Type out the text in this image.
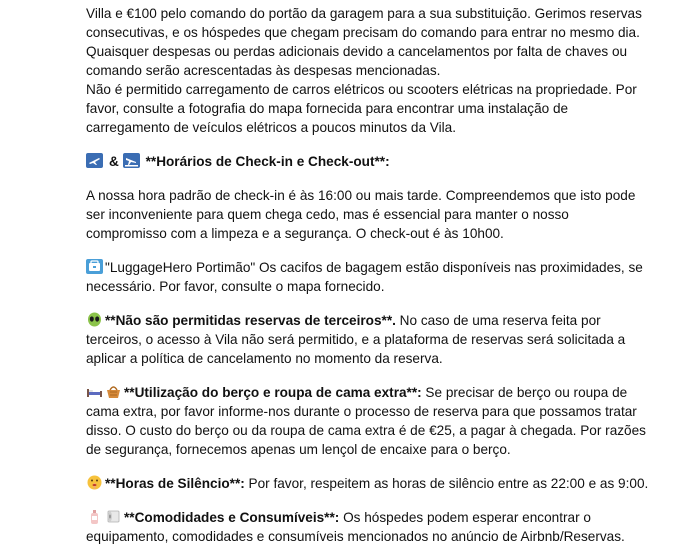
Villa e €100 pelo comando do portão da garagem para a sua substituição. Gerimos reservas
consecutivas, e os hóspedes que chegam precisam do comando para entrar no mesmo dia.
Quaisquer despesas ou perdas adicionais devido a cancelamentos por falta de chaves ou
comando serão acrescentadas às despesas mencionadas.
Não é permitido carregamento de carros elétricos ou scooters elétricas na propriedade. Por
favor, consulte a fotografia do mapa fornecida para encontrar uma instalação de
carregamento de veículos elétricos a poucos minutos da Vila.
& **Horários de Check-in e Check-out**:
A nossa hora padrão de check-in é às 16:00 ou mais tarde. Compreendemos que isto pode
ser inconveniente para quem chega cedo, mas é essencial para manter o nosso
compromisso com a limpeza e a segurança. O check-out é às 10h00.
"LuggageHero Portimão" Os cacifos de bagagem estão disponíveis nas proximidades, se
necessário. Por favor, consulte o mapa fornecido.
**Não são permitidas reservas de terceiros**. No caso de uma reserva feita por
terceiros, o acesso à Vila não será permitido, e a plataforma de reservas será solicitada a
aplicar a política de cancelamento no momento da reserva.
**Utilização do berço e roupa de cama extra**: Se precisar de berço ou roupa de
cama extra, por favor informe-nos durante o processo de reserva para que possamos tratar
disso. O custo do berço ou da roupa de cama extra é de €25, a pagar à chegada. Por razões
de segurança, fornecemos apenas um lençol de encaixe para o berço.
**Horas de Silêncio**: Por favor, respeitem as horas de silêncio entre as 22:00 e as 9:00.
**Comodidades e Consumíveis**: Os hóspedes podem esperar encontrar o
equipamento, comodidades e consumíveis mencionados no anúncio de Airbnb/Reservas.
